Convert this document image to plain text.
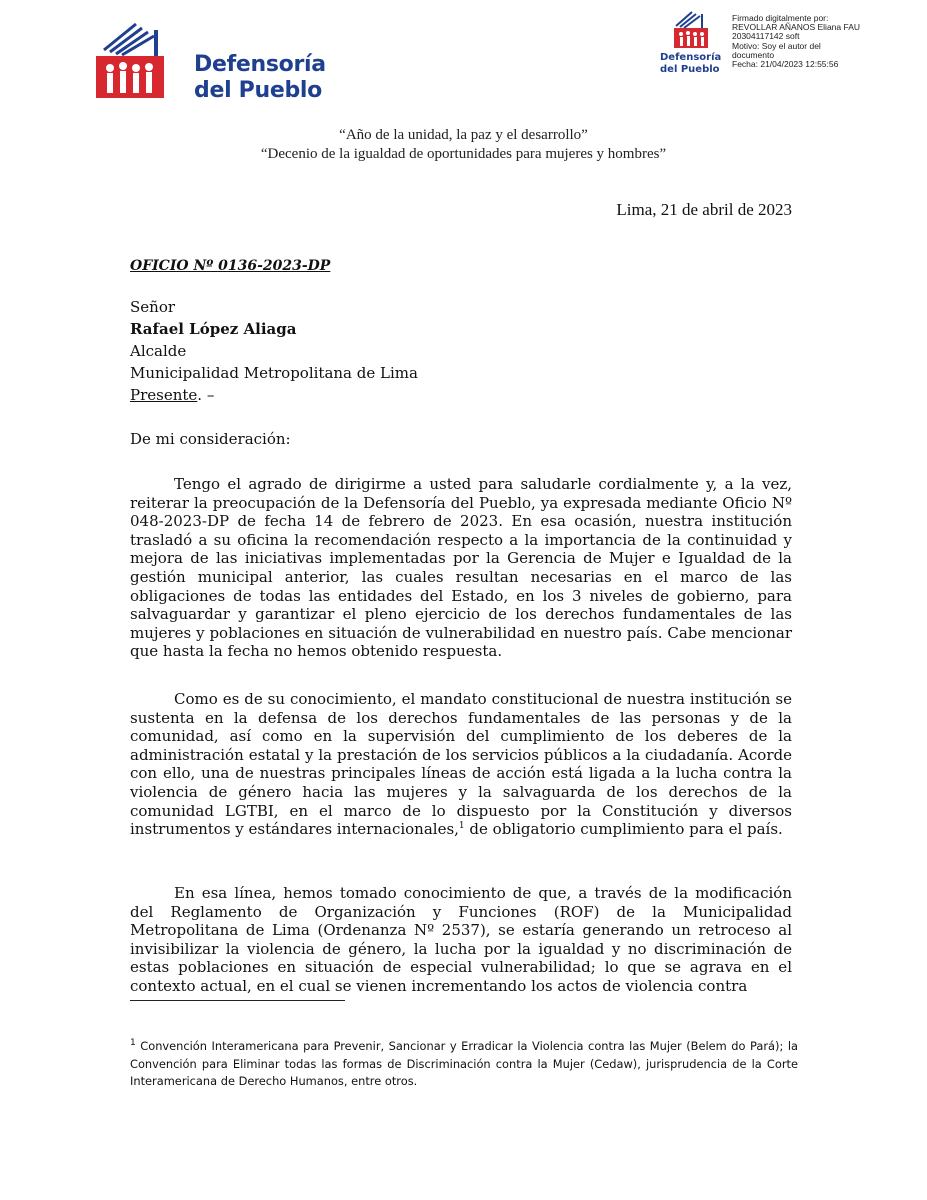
Defensoría
del Pueblo
Defensoría
del Pueblo
Firmado digitalmente por:
REVOLLAR AÑANOS Eliana FAU
20304117142 soft
Motivo: Soy el autor del
documento
Fecha: 21/04/2023 12:55:56
“Año de la unidad, la paz y el desarrollo”
“Decenio de la igualdad de oportunidades para mujeres y hombres”
Lima, 21 de abril de 2023
OFICIO Nº 0136-2023-DP
Señor
Rafael López Aliaga
Alcalde
Municipalidad Metropolitana de Lima
Presente. –
De mi consideración:
Tengo el agrado de dirigirme a usted para saludarle cordialmente y, a la vez, reiterar la preocupación de la Defensoría del Pueblo, ya expresada mediante Oficio Nº 048-2023-DP de fecha 14 de febrero de 2023. En esa ocasión, nuestra institución trasladó a su oficina la recomendación respecto a la importancia de la continuidad y mejora de las iniciativas implementadas por la Gerencia de Mujer e Igualdad de la gestión municipal anterior, las cuales resultan necesarias en el marco de las obligaciones de todas las entidades del Estado, en los 3 niveles de gobierno, para salvaguardar y garantizar el pleno ejercicio de los derechos fundamentales de las mujeres y poblaciones en situación de vulnerabilidad en nuestro país. Cabe mencionar que hasta la fecha no hemos obtenido respuesta.
Como es de su conocimiento, el mandato constitucional de nuestra institución se sustenta en la defensa de los derechos fundamentales de las personas y de la comunidad, así como en la supervisión del cumplimiento de los deberes de la administración estatal y la prestación de los servicios públicos a la ciudadanía. Acorde con ello, una de nuestras principales líneas de acción está ligada a la lucha contra la violencia de género hacia las mujeres y la salvaguarda de los derechos de la comunidad LGTBI, en el marco de lo dispuesto por la Constitución y diversos instrumentos y estándares internacionales,$^1$ de obligatorio cumplimiento para el país.
En esa línea, hemos tomado conocimiento de que, a través de la modificación del Reglamento de Organización y Funciones (ROF) de la Municipalidad Metropolitana de Lima (Ordenanza Nº 2537), se estaría generando un retroceso al invisibilizar la violencia de género, la lucha por la igualdad y no discriminación de estas poblaciones en situación de especial vulnerabilidad; lo que se agrava en el contexto actual, en el cual se vienen incrementando los actos de violencia contra
$^1$ Convención Interamericana para Prevenir, Sancionar y Erradicar la Violencia contra las Mujer (Belem do Pará); la Convención para Eliminar todas las formas de Discriminación contra la Mujer (Cedaw), jurisprudencia de la Corte Interamericana de Derecho Humanos, entre otros.
